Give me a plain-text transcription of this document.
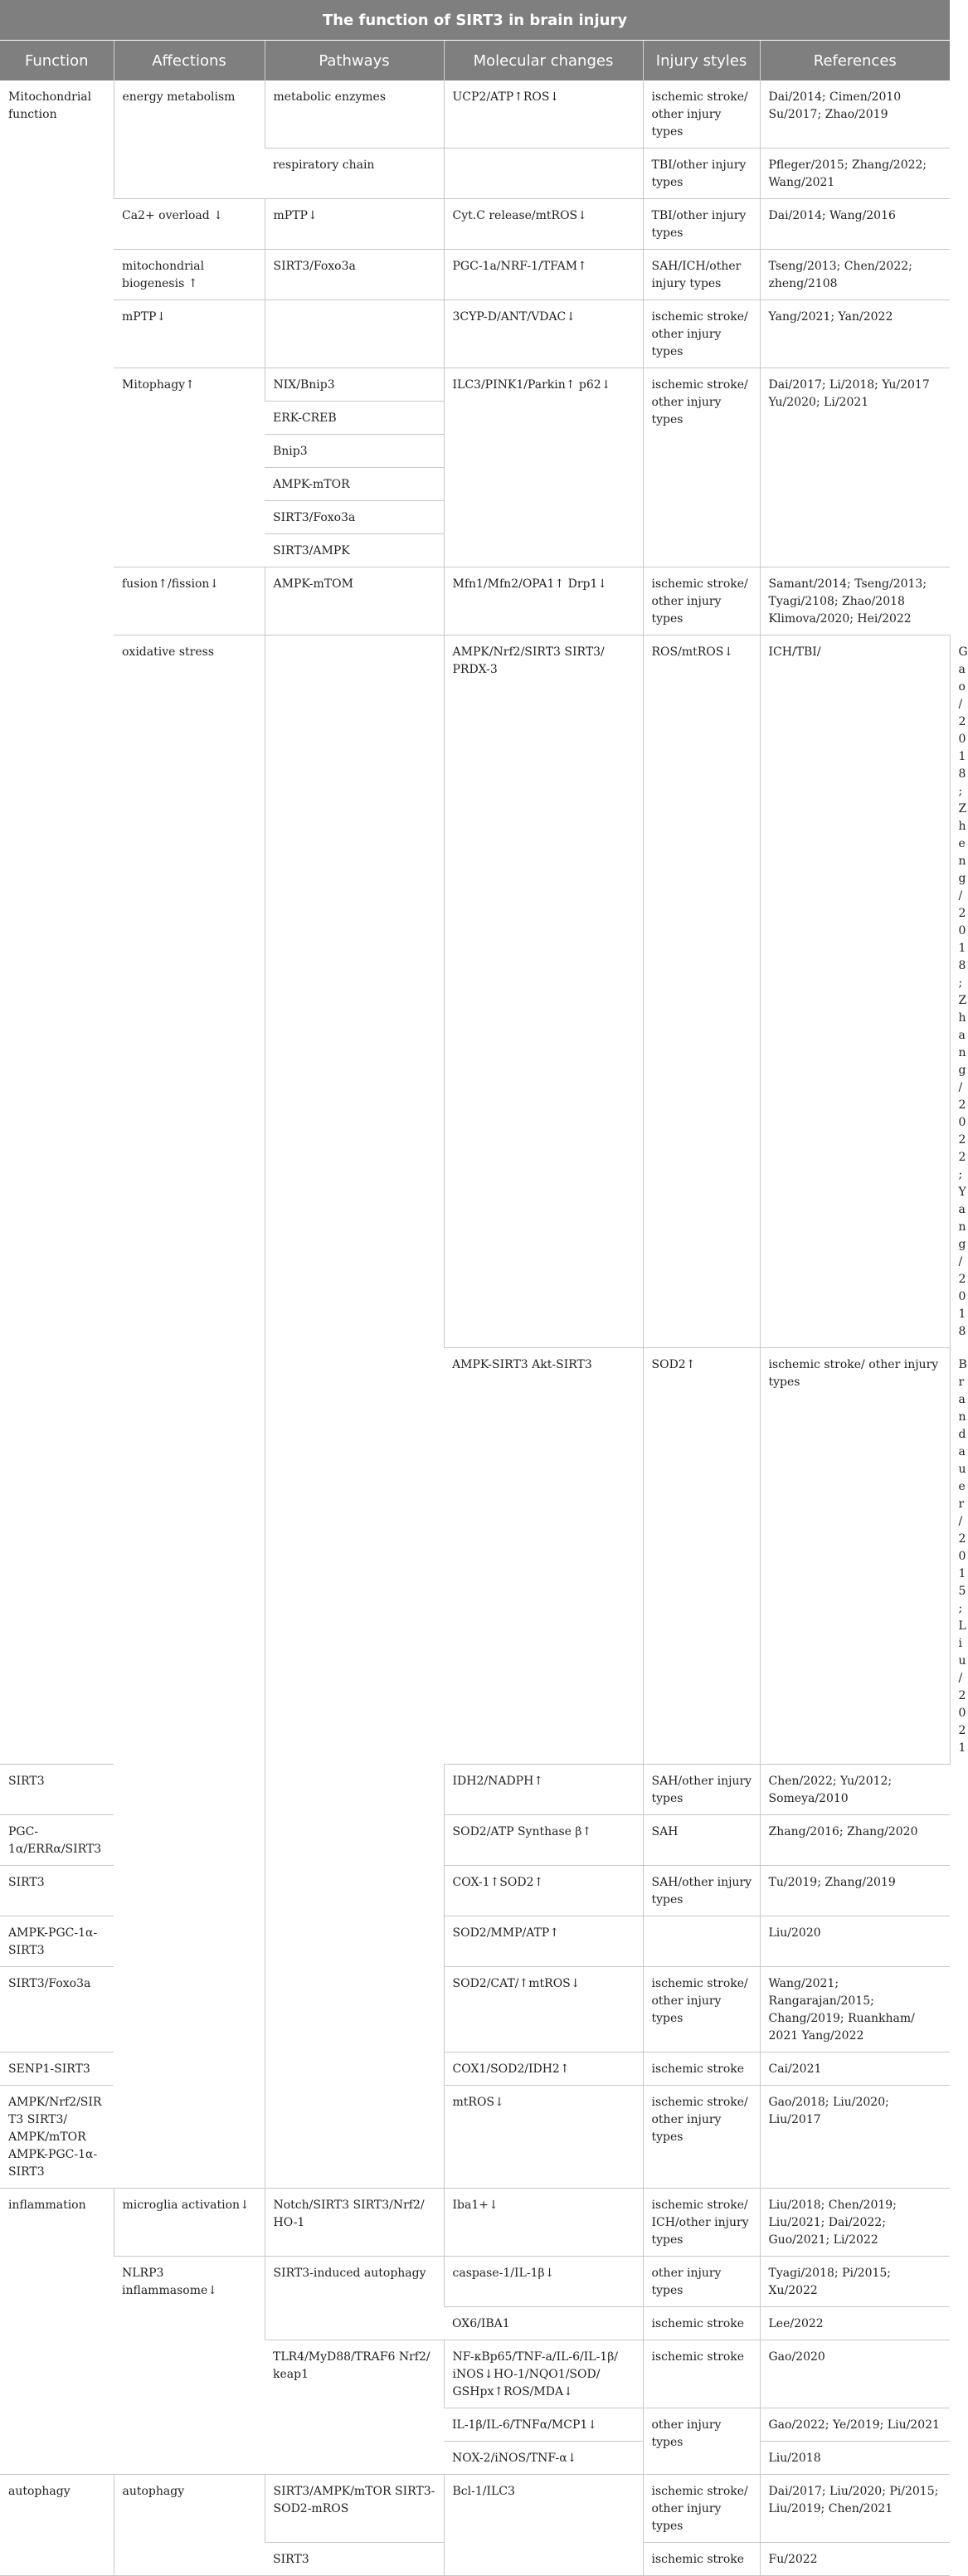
The function of SIRT3 in brain injury						
Function	Affections	Pathways	Molecular changes	Injury styles	References	
Mitochondrial function	energy metabolism	metabolic enzymes	UCP2/ATP↑ROS↓	ischemic stroke/ other injury types	Dai/2014; Cimen/2010 Su/2017; Zhao/2019	
		respiratory chain		TBI/other injury types	Pfleger/2015; Zhang/2022; Wang/2021	
	Ca2+ overload ↓	mPTP↓	Cyt.C release/mtROS↓	TBI/other injury types	Dai/2014; Wang/2016	
	mitochondrial biogenesis ↑	SIRT3/Foxo3a	PGC-1a/NRF-1/TFAM↑	SAH/ICH/other injury types	Tseng/2013; Chen/2022; zheng/2108	
	mPTP↓		3CYP-D/ANT/VDAC↓	ischemic stroke/ other injury types	Yang/2021; Yan/2022	
	Mitophagy↑	NIX/Bnip3	ILC3/PINK1/Parkin↑ p62↓	ischemic stroke/ other injury types	Dai/2017; Li/2018; Yu/2017 Yu/2020; Li/2021	
		ERK-CREB				
		Bnip3				
		AMPK-mTOR				
		SIRT3/Foxo3a				
		SIRT3/AMPK				
	fusion↑/fission↓	AMPK-mTOM	Mfn1/Mfn2/OPA1↑ Drp1↓	ischemic stroke/ other injury types	Samant/2014; Tseng/2013; Tyagi/2108; Zhao/2018 Klimova/2020; Hei/2022	
	oxidative stress		AMPK/Nrf2/SIRT3 SIRT3/ PRDX-3	ROS/mtROS↓	ICH/TBI/	Gao/2018; Zheng/2018; Zhang/2022; Yang/2018
			AMPK-SIRT3 Akt-SIRT3	SOD2↑	ischemic stroke/ other injury types	Brandauer/2015; Liu/2021
SIRT3			IDH2/NADPH↑	SAH/other injury types	Chen/2022; Yu/2012; Someya/2010	
PGC-1α/ERRα/SIRT3			SOD2/ATP Synthase β↑	SAH	Zhang/2016; Zhang/2020	
SIRT3			COX-1↑SOD2↑	SAH/other injury types	Tu/2019; Zhang/2019	
AMPK-PGC-1α-SIRT3			SOD2/MMP/ATP↑		Liu/2020	
SIRT3/Foxo3a			SOD2/CAT/↑mtROS↓	ischemic stroke/ other injury types	Wang/2021; Rangarajan/2015; Chang/2019; Ruankham/ 2021 Yang/2022	
SENP1-SIRT3			COX1/SOD2/IDH2↑	ischemic stroke	Cai/2021	
AMPK/Nrf2/SIRT3 SIRT3/ AMPK/mTOR AMPK-PGC-1α-SIRT3			mtROS↓	ischemic stroke/ other injury types	Gao/2018; Liu/2020; Liu/2017	
inflammation	microglia activation↓	Notch/SIRT3 SIRT3/Nrf2/ HO-1	Iba1+↓	ischemic stroke/ ICH/other injury types	Liu/2018; Chen/2019; Liu/2021; Dai/2022; Guo/2021; Li/2022	
	NLRP3 inflammasome↓	SIRT3-induced autophagy	caspase-1/IL-1β↓	other injury types	Tyagi/2018; Pi/2015; Xu/2022	
			OX6/IBA1	ischemic stroke	Lee/2022	
		TLR4/MyD88/TRAF6 Nrf2/ keap1	NF-κBp65/TNF-a/IL-6/IL-1β/ iNOS↓HO-1/NQO1/SOD/ GSHpx↑ROS/MDA↓	ischemic stroke	Gao/2020	
			IL-1β/IL-6/TNFα/MCP1↓	other injury types	Gao/2022; Ye/2019; Liu/2021	
			NOX-2/iNOS/TNF-α↓		Liu/2018	
autophagy	autophagy	SIRT3/AMPK/mTOR SIRT3-SOD2-mROS	Bcl-1/ILC3	ischemic stroke/ other injury types	Dai/2017; Liu/2020; Pi/2015; Liu/2019; Chen/2021	
		SIRT3		ischemic stroke	Fu/2022	
